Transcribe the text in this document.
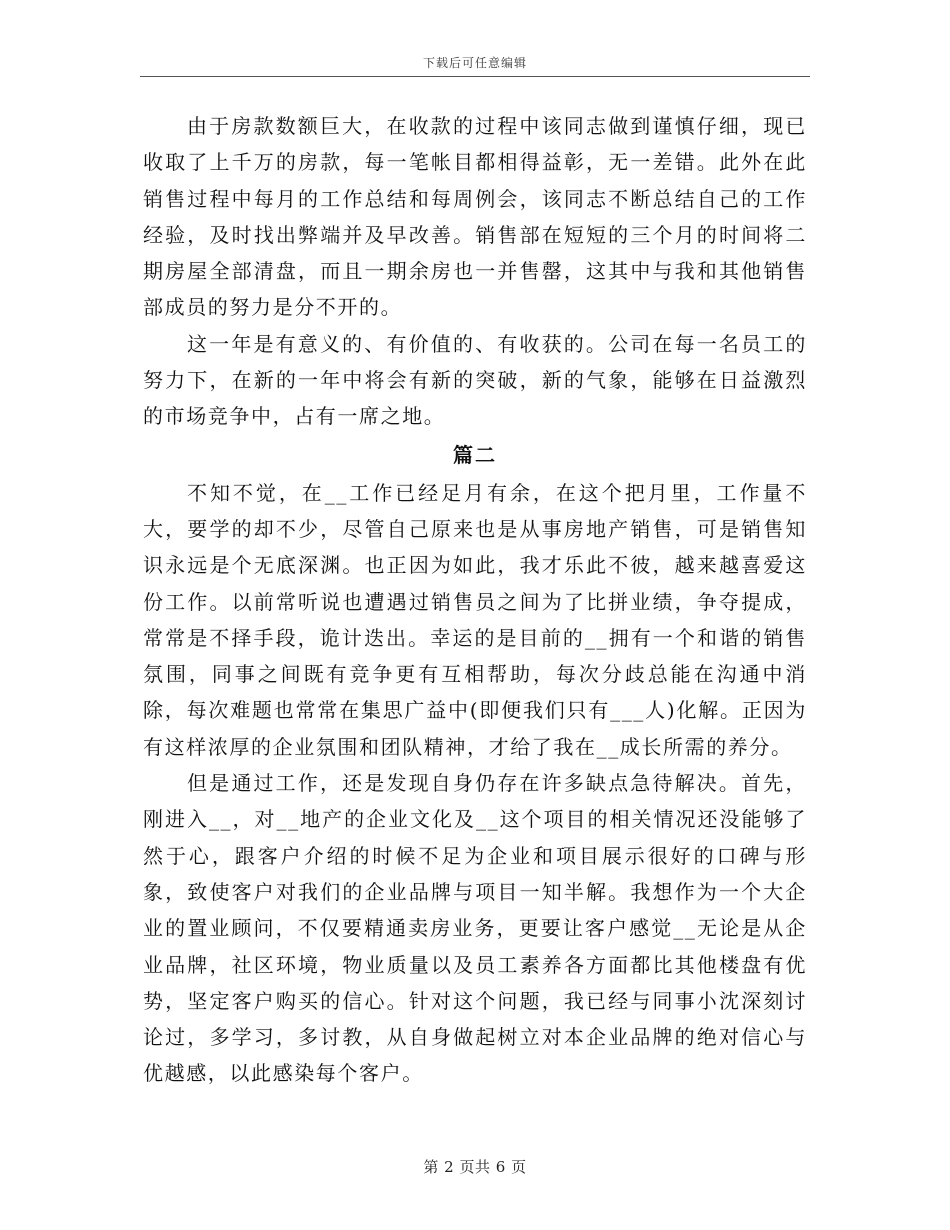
下载后可任意编辑

由于房款数额巨大，在收款的过程中该同志做到谨慎仔细，现已收取了上千万的房款，每一笔帐目都相得益彰，无一差错。此外在此销售过程中每月的工作总结和每周例会，该同志不断总结自己的工作经验，及时找出弊端并及早改善。销售部在短短的三个月的时间将二期房屋全部清盘，而且一期余房也一并售罄，这其中与我和其他销售部成员的努力是分不开的。

这一年是有意义的、有价值的、有收获的。公司在每一名员工的努力下，在新的一年中将会有新的突破，新的气象，能够在日益激烈的市场竞争中，占有一席之地。

篇二

不知不觉，在__工作已经足月有余，在这个把月里，工作量不大，要学的却不少，尽管自己原来也是从事房地产销售，可是销售知识永远是个无底深渊。也正因为如此，我才乐此不彼，越来越喜爱这份工作。以前常听说也遭遇过销售员之间为了比拼业绩，争夺提成，常常是不择手段，诡计迭出。幸运的是目前的__拥有一个和谐的销售氛围，同事之间既有竞争更有互相帮助，每次分歧总能在沟通中消除，每次难题也常常在集思广益中(即便我们只有___人)化解。正因为有这样浓厚的企业氛围和团队精神，才给了我在__成长所需的养分。

但是通过工作，还是发现自身仍存在许多缺点急待解决。首先，刚进入__，对__地产的企业文化及__这个项目的相关情况还没能够了然于心，跟客户介绍的时候不足为企业和项目展示很好的口碑与形象，致使客户对我们的企业品牌与项目一知半解。我想作为一个大企业的置业顾问，不仅要精通卖房业务，更要让客户感觉__无论是从企业品牌，社区环境，物业质量以及员工素养各方面都比其他楼盘有优势，坚定客户购买的信心。针对这个问题，我已经与同事小沈深刻讨论过，多学习，多讨教，从自身做起树立对本企业品牌的绝对信心与优越感，以此感染每个客户。

第 2 页共 6 页
